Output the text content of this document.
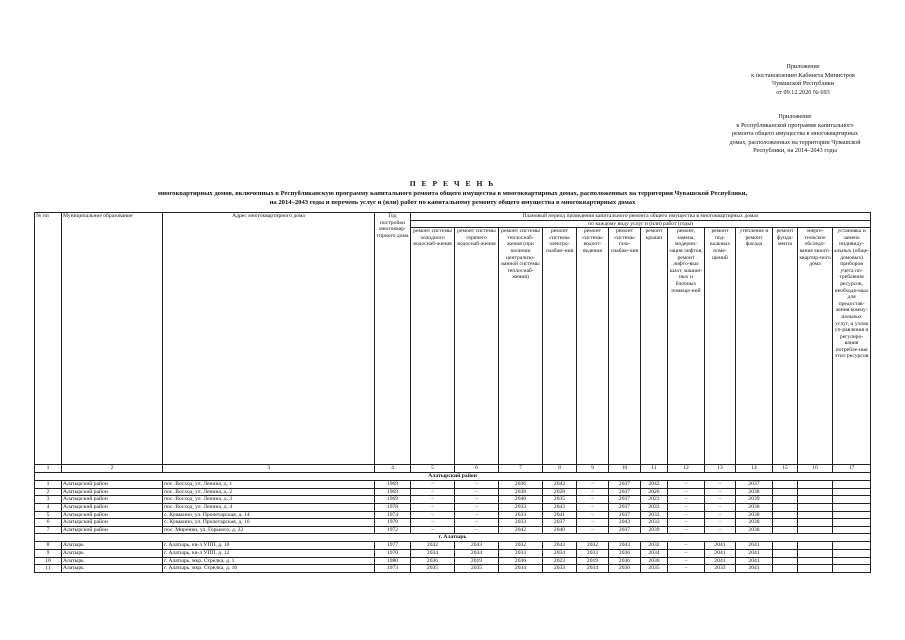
Приложение
к постановлению Кабинета Министров
Чувашской Республики
от 09.12.2020 № 693
Приложение
к Республиканской программе капитального
ремонта общего имущества в многоквартирных
домах, расположенных на территории Чувашской
Республики, на 2014–2043 годы
П Е Р Е Ч Е Н Ь
многоквартирных домов, включенных в Республиканскую программу капитального ремонта общего имущества в многоквартирных домах, расположенных на территории Чувашской Республики,
на 2014–2043 годы и перечень услуг и (или) работ по капитальному ремонту общего имущества в многоквартирных домах
№ пп	Муниципальное образование	Адрес многоквартирного дома	Год постройки многоквар-тирного дома	Плановый период проведения капитального ремонта общего имущества в многоквартирных домах												
				по каждому виду услуг и (или) работ (годы)												
				ремонт системы холодного водоснаб-жения	ремонт системы горячего водоснаб-жения	ремонт системы теплоснаб-жения (при наличии централизо-ванной системы теплоснаб-жения)	ремонт системы электро-снабже-ния	ремонт системы водоот-ведения	ремонт системы газо-снабже-ния	ремонт крыши	ремонт, замена, модерни-зация лифтов, ремонт лифто-вых шахт, машин-ных и блочных помеще-ний	ремонт под-вальных поме-щений	утепление и ремонт фасада	ремонт фунда-мента	энерге-тическое обследо-вание много-квартир-ного дома	установка и замена индивиду-альных (обще-домовых) приборов учета по-требления ресурсов, необходи-мых для предостав-ления комму-нальных услуг, и узлов уп-равления и регулиро-вания потребле-ния этих ресурсов
1	2	3	4	5	6	7	8	9	10	11	12	13	14	15	16	17
Алатырский район																
1	Алатырский район	пос. Восход, ул. Ленина, д. 1	1969	–	–	2036	2043	–	2037	2042	–	–	2037			
2	Алатырский район	пос. Восход, ул. Ленина, д. 2	1969	–	–	2038	2028	–	2037	2026	–	–	2038			
3	Алатырский район	пос. Восход, ул. Ленина, д. 3	1969	–	–	2040	2035	–	2037	2023	–	–	2039			
4	Алатырский район	пос. Восход, ул. Ленина, д. 4	1978	–	–	2033	2043	–	2037	2033	–	–	2038			
5	Алатырский район	с. Кувакино, ул. Пролетарская, д. 14	1974	–	–	2033	2041	–	2037	2033	–	–	2038			
6	Алатырский район	с. Кувакино, ул. Пролетарская, д. 16	1970	–	–	2033	2037	–	2043	2033	–	–	2038			
7	Алатырский район	пос. Миренки, ул. Горького, д. 22	1972	–	–	2042	2040	–	2037	2039	–	–	2038			
г. Алатырь																
8	Алатырь	г. Алатырь, кв-л УПП, д. 10	1977	2032	2043	2032	2043	2032	2043	2032	–	2041	2041			
9	Алатырь	г. Алатырь, кв-л УПП, д. 12	1970	2034	2034	2033	2034	2033	2036	2034	–	2041	2041			
10	Алатырь	г. Алатырь, мкр. Стрелка, д. 1	1980	2036	2019	2036	2023	2019	2036	2036	–	2041	2041			
11	Алатырь	г. Алатырь, мкр. Стрелка, д. 10	1973	2035	2035	2034	2033	2034	2036	2035	–	2033	2041			
